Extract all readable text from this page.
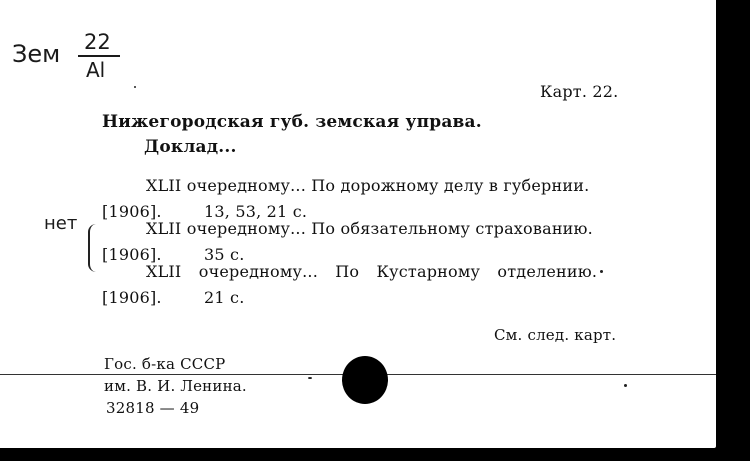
Зем 22
Al
нет
Карт. 22.
Нижегородская губ. земская управа.
Доклад...
XLII очередному... По дорожному делу в губернии.
[1906].	13, 53, 21 с.
XLII очередному... По обязательному страхованию.
[1906].	35 с.
XLII очередному... По Кустарному отделению.
[1906].	21 с.
См. след. карт.
Гос. б-ка СССР
им. В. И. Ленина.
32818 — 49
